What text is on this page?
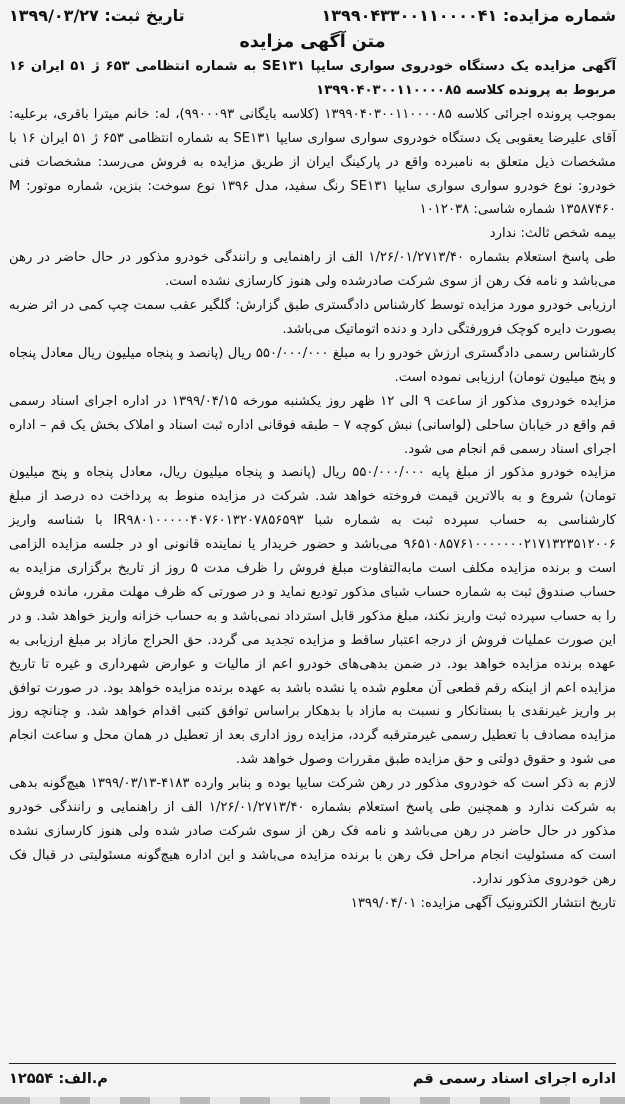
شماره مزایده: ۱۳۹۹۰۴۳۳۰۰۱۱۰۰۰۰۴۱
تاریخ ثبت: ۱۳۹۹/۰۳/۲۷
متن آگهی مزایده

آگهی مزایده یک دستگاه خودروی سواری سایپا SE۱۳۱ به شماره انتظامی ۶۵۳ ژ ۵۱ ایران ۱۶ مربوط به پرونده کلاسه ۱۳۹۹۰۴۰۳۰۰۱۱۰۰۰۰۸۵

بموجب پرونده اجرائی کلاسه ۱۳۹۹۰۴۰۳۰۰۱۱۰۰۰۰۸۵ (کلاسه بایگانی ۹۹۰۰۰۹۳)، له: خانم میترا باقری، برعلیه: آقای علیرضا یعقوبی یک دستگاه خودروی سواری سواری سایپا SE۱۳۱ به شماره انتظامی ۶۵۳ ژ ۵۱ ایران ۱۶ با مشخصات ذیل متعلق به نامبرده واقع در پارکینگ ایران از طریق مزایده به فروش می‌رسد: مشخصات فنی خودرو: نوع خودرو سواری سواری سایپا SE۱۳۱ رنگ سفید، مدل ۱۳۹۶ نوع سوخت: بنزین، شماره موتور: M ۱۳۵۸۷۴۶۰ شماره شاسی: ۱۰۱۲۰۳۸

بیمه شخص ثالث: ندارد

طی پاسخ استعلام بشماره ۱/۲۶/۰۱/۲۷۱۳/۴۰ الف از راهنمایی و رانندگی خودرو مذکور در حال حاضر در رهن می‌باشد و نامه فک رهن از سوی شرکت صادرشده ولی هنوز کارسازی نشده است.

ارزیابی خودرو مورد مزایده توسط کارشناس دادگستری طبق گزارش: گلگیر عقب سمت چپ کمی در اثر ضربه بصورت دایره کوچک فرورفتگی دارد و دنده اتوماتیک می‌باشد.

کارشناس رسمی دادگستری ارزش خودرو را به مبلغ ۵۵۰/۰۰۰/۰۰۰ ریال (پانصد و پنجاه میلیون ریال معادل پنجاه و پنج میلیون تومان) ارزیابی نموده است.

مزایده خودروی مذکور از ساعت ۹ الی ۱۲ ظهر روز یکشنبه مورخه ۱۳۹۹/۰۴/۱۵ در اداره اجرای اسناد رسمی قم واقع در خیابان ساحلی (لواسانی) نبش کوچه ۷ – طبقه فوقانی اداره ثبت اسناد و املاک بخش یک قم – اداره اجرای اسناد رسمی قم انجام می شود.

مزایده خودرو مذکور از مبلغ پایه ۵۵۰/۰۰۰/۰۰۰ ریال (پانصد و پنجاه میلیون ریال، معادل پنجاه و پنج میلیون تومان) شروع و به بالاترین قیمت فروخته خواهد شد. شرکت در مزایده منوط به پرداخت ده درصد از مبلغ کارشناسی به حساب سپرده ثبت به شماره شبا IR۹۸۰۱۰۰۰۰۰۴۰۷۶۰۱۳۲۰۷۸۵۶۵۹۳ با شناسه واریز ۹۶۵۱۰۸۵۷۶۱۰۰۰۰۰۰۰۲۱۷۱۳۲۳۵۱۲۰۰۶ می‌باشد و حضور خریدار یا نماینده قانونی او در جلسه مزایده الزامی است و برنده مزایده مکلف است مابه‌التفاوت مبلغ فروش را ظرف مدت ۵ روز از تاریخ برگزاری مزایده به حساب صندوق ثبت به شماره حساب شبای مذکور تودیع نماید و در صورتی که ظرف مهلت مقرر، مانده فروش را به حساب سپرده ثبت واریز نکند، مبلغ مذکور قابل استرداد نمی‌باشد و به حساب خزانه واریز خواهد شد. و در این صورت عملیات فروش از درجه اعتبار ساقط و مزایده تجدید می گردد. حق الحراج مازاد بر مبلغ ارزیابی به عهده برنده مزایده خواهد بود. در ضمن بدهی‌های خودرو اعم از مالیات و عوارض شهرداری و غیره تا تاریخ مزایده اعم از اینکه رقم قطعی آن معلوم شده یا نشده باشد به عهده برنده مزایده خواهد بود. در صورت توافق بر واریز غیرنقدی با بستانکار و نسبت به مازاد با بدهکار براساس توافق کتبی اقدام خواهد شد. و چنانچه روز مزایده مصادف با تعطیل رسمی غیرمترقبه گردد، مزایده روز اداری بعد از تعطیل در همان محل و ساعت انجام می شود و حقوق دولتی و حق مزایده طبق مقررات وصول خواهد شد.

لازم به ذکر است که خودروی مذکور در رهن شرکت سایپا بوده و بنابر وارده ۴۱۸۳-۱۳۹۹/۰۳/۱۳ هیچ‌گونه بدهی به شرکت ندارد و همچنین طی پاسخ استعلام بشماره ۱/۲۶/۰۱/۲۷۱۳/۴۰ الف از راهنمایی و رانندگی خودرو مذکور در حال حاضر در رهن می‌باشد و نامه فک رهن از سوی شرکت صادر شده ولی هنوز کارسازی نشده است که مسئولیت انجام مراحل فک رهن با برنده مزایده می‌باشد و این اداره هیچ‌گونه مسئولیتی در قبال فک رهن خودروی مذکور ندارد.

تاریخ انتشار الکترونیک آگهی مزایده: ۱۳۹۹/۰۴/۰۱

اداره اجرای اسناد رسمی قم
م.الف: ۱۲۵۵۴
